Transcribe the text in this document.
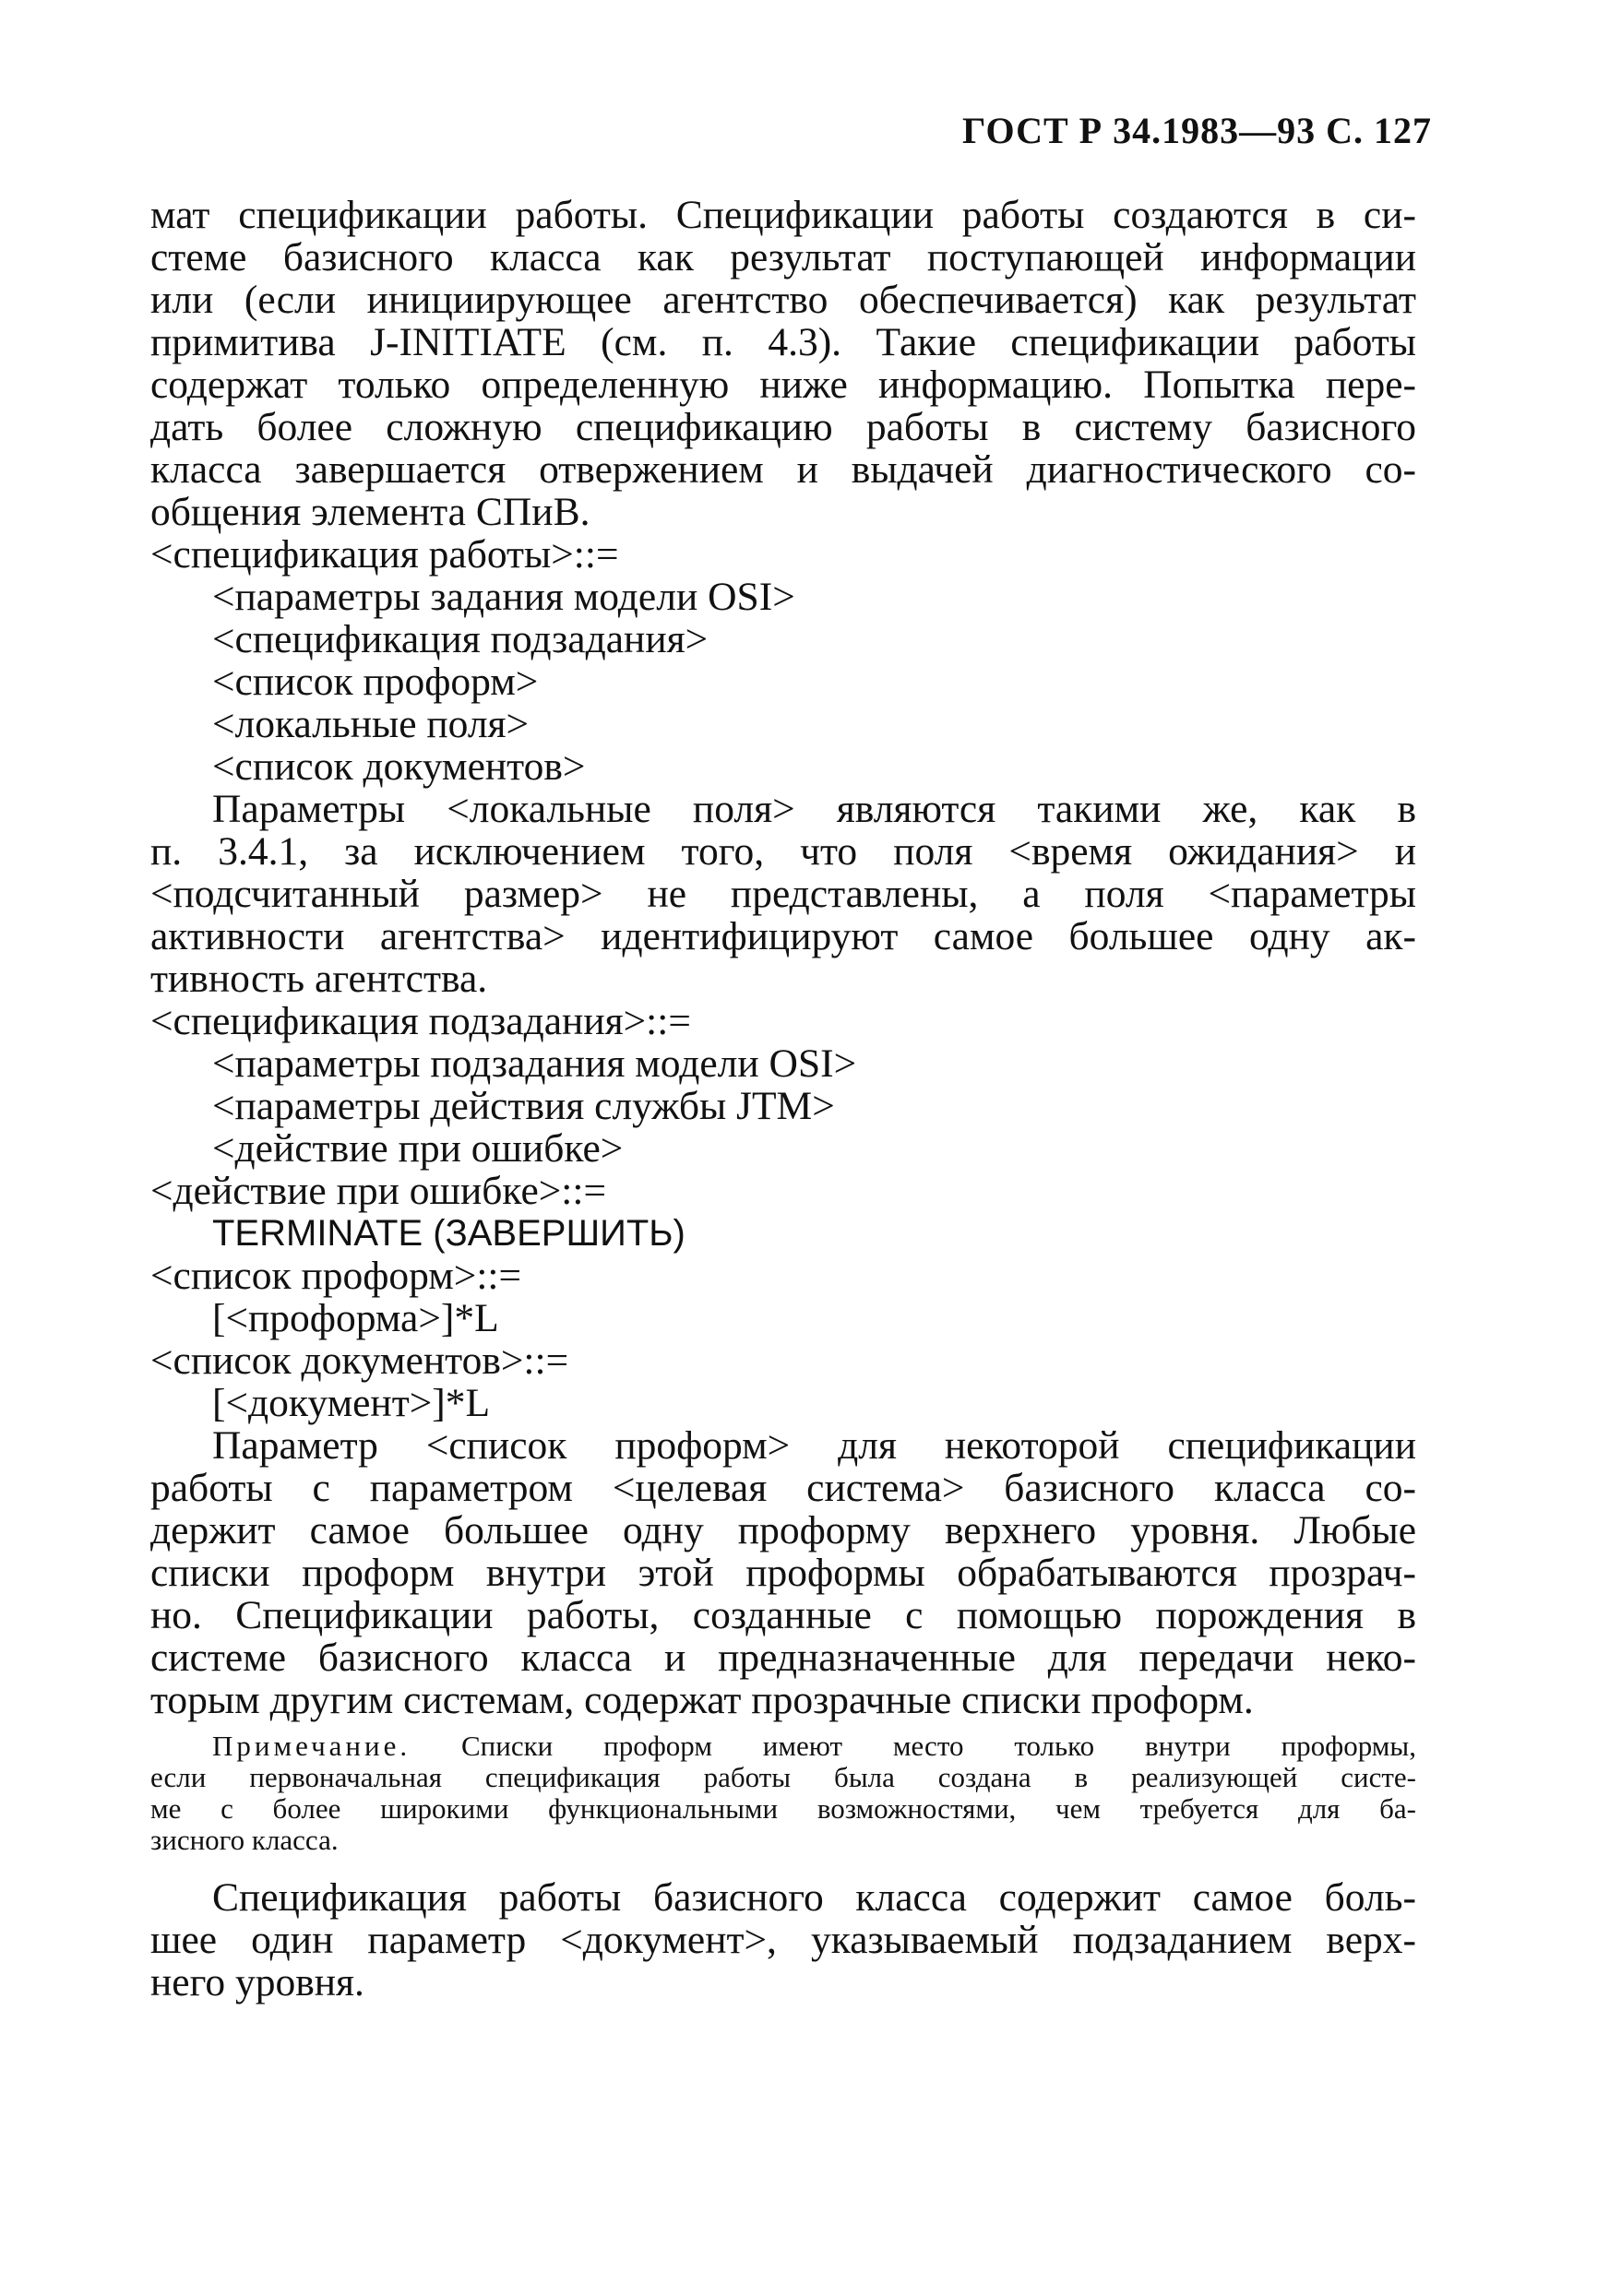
ГОСТ Р 34.1983—93 С. 127
мат спецификации работы. Спецификации работы создаются в си-
стеме базисного класса как результат поступающей информации
или (если инициирующее агентство обеспечивается) как результат
примитива J-INITIATE (см. п. 4.3). Такие спецификации работы
содержат только определенную ниже информацию. Попытка пере-
дать более сложную спецификацию работы в систему базисного
класса завершается отвержением и выдачей диагностического со-
общения элемента СПиВ.
<спецификация работы>::=
<параметры задания модели OSI>
<спецификация подзадания>
<список проформ>
<локальные поля>
<список документов>
Параметры <локальные поля> являются такими же, как в
п. 3.4.1, за исключением того, что поля <время ожидания> и
<подсчитанный размер> не представлены, а поля <параметры
активности агентства> идентифицируют самое большее одну ак-
тивность агентства.
<спецификация подзадания>::=
<параметры подзадания модели OSI>
<параметры действия службы JTM>
<действие при ошибке>
<действие при ошибке>::=
TERMINATE (ЗАВЕРШИТЬ)
<список проформ>::=
[<проформа>]*L
<список документов>::=
[<документ>]*L
Параметр <список проформ> для некоторой спецификации
работы с параметром <целевая система> базисного класса со-
держит самое большее одну проформу верхнего уровня. Любые
списки проформ внутри этой проформы обрабатываются прозрач-
но. Спецификации работы, созданные с помощью порождения в
системе базисного класса и предназначенные для передачи неко-
торым другим системам, содержат прозрачные списки проформ.
Примечание. Списки проформ имеют место только внутри проформы,
если первоначальная спецификация работы была создана в реализующей систе-
ме с более широкими функциональными возможностями, чем требуется для ба-
зисного класса.
Спецификация работы базисного класса содержит самое боль-
шее один параметр <документ>, указываемый подзаданием верх-
него уровня.
